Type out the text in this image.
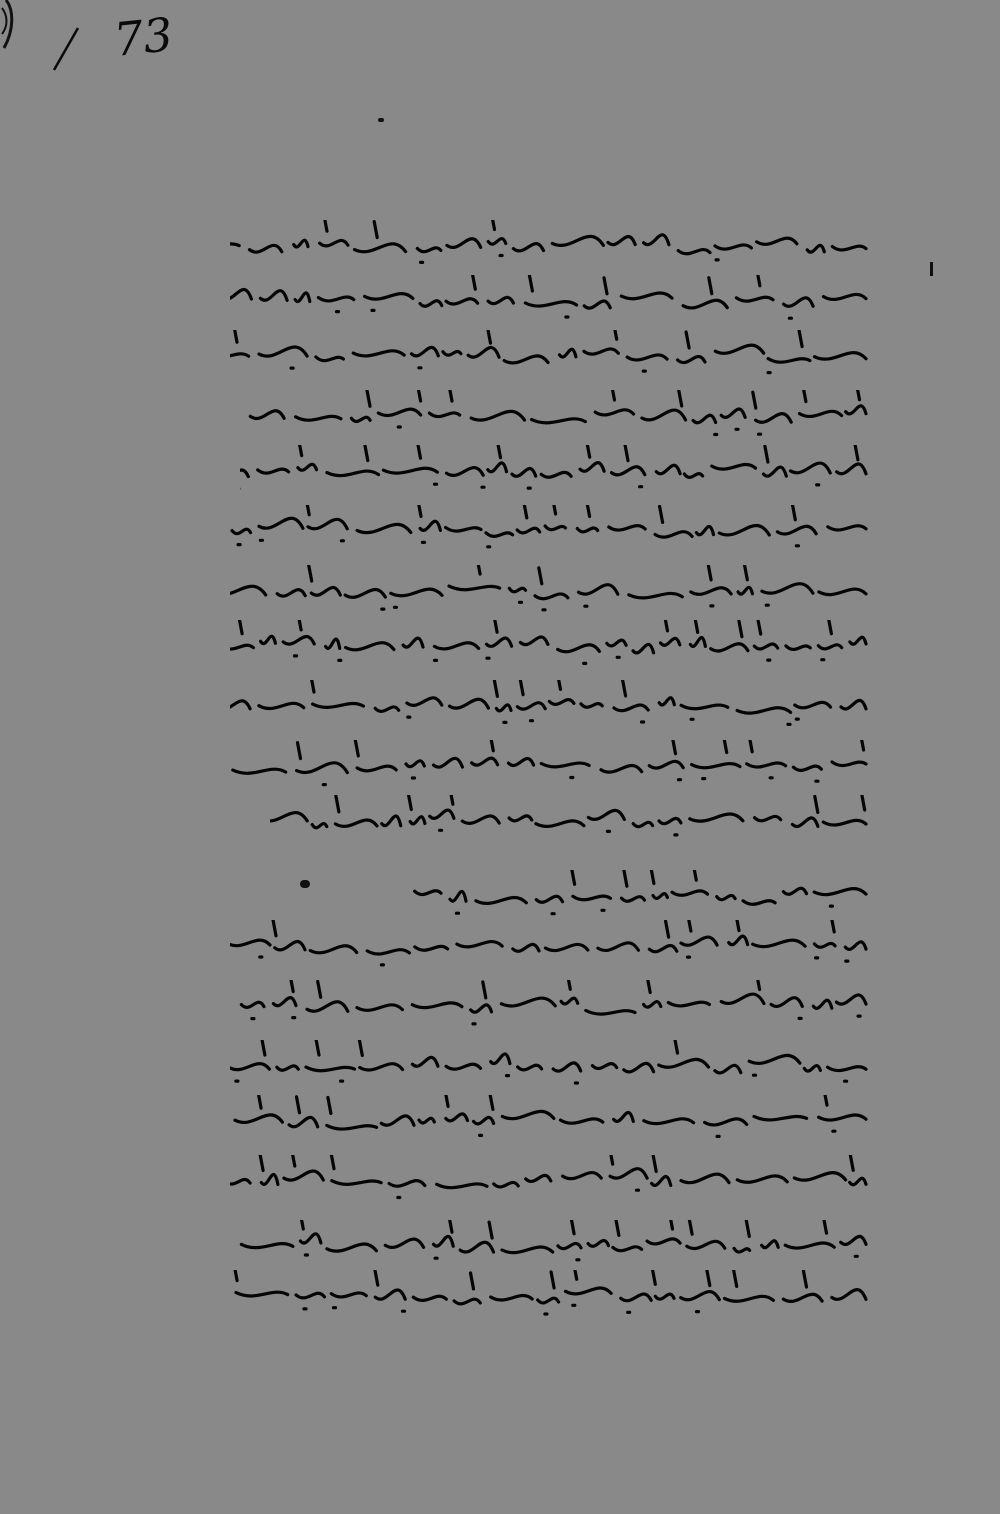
73
